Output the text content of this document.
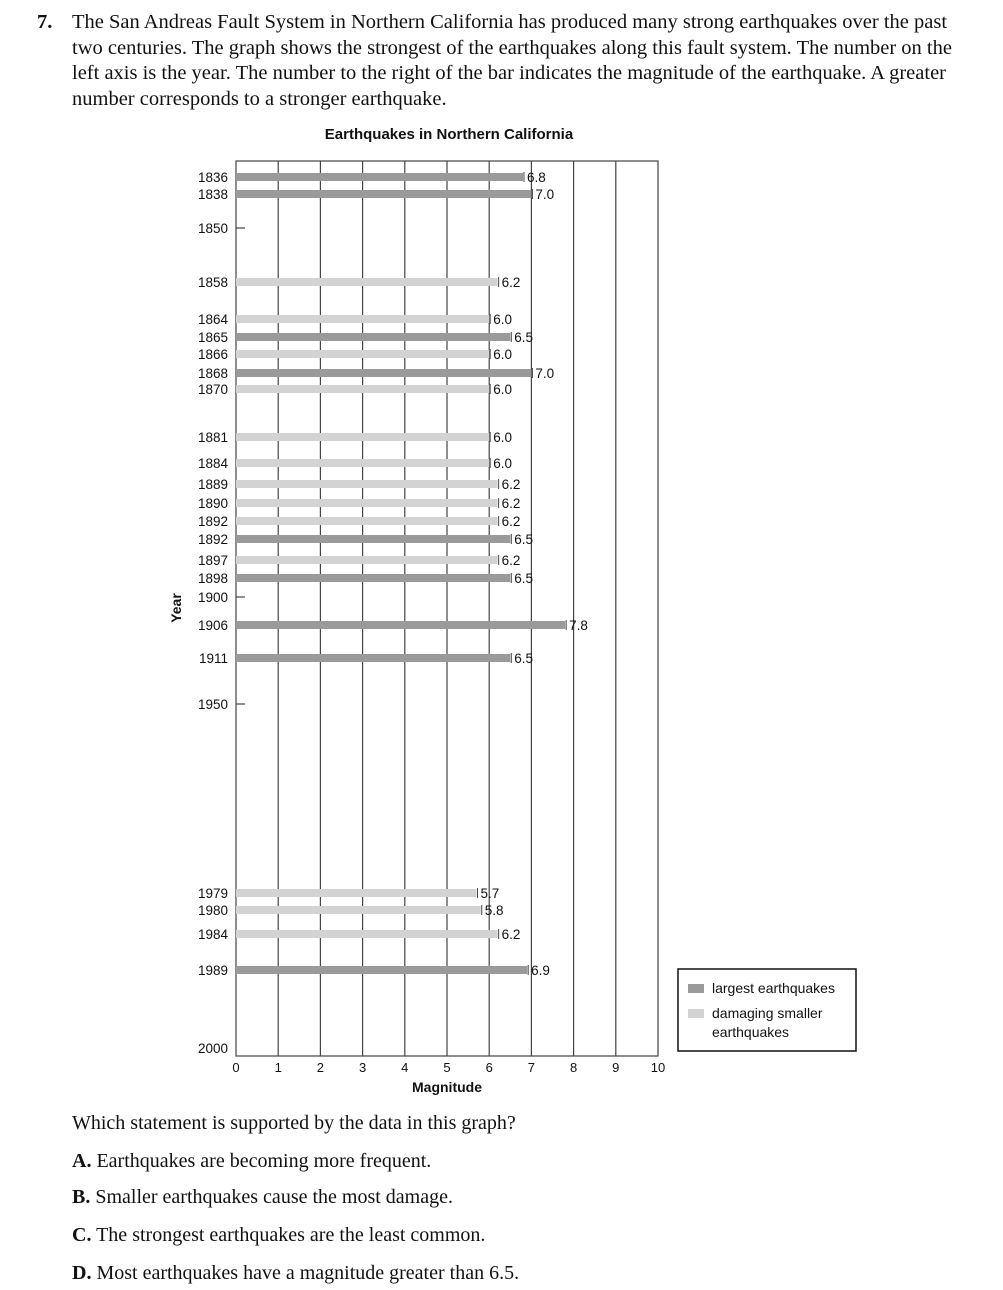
7. The San Andreas Fault System in Northern California has produced many strong earthquakes over the past two centuries. The graph shows the strongest of the earthquakes along this fault system. The number on the left axis is the year. The number to the right of the bar indicates the magnitude of the earthquake. A greater number corresponds to a stronger earthquake.
Earthquakes in Northern California
0	1	2	3	4	5	6	7	8	9 10
Magnitude
Year
1850
1900
1950
2000
6.8
1836
7.0
1838
6.2
1858
6.0
1864
6.5
1865
6.0
1866
7.0
1868
6.0
1870
6.0
1881
6.0
1884
6.2
1889
6.2
1890
6.2
1892
6.5
1892
6.2
1897
6.5
1898
7.8
1906
6.5
1911
5.7
1979
5.8
1980
6.2
1984
6.9
1989
largest earthquakes
damaging smaller earthquakes
Which statement is supported by the data in this graph?
A. Earthquakes are becoming more frequent.
B. Smaller earthquakes cause the most damage.
C. The strongest earthquakes are the least common.
D. Most earthquakes have a magnitude greater than 6.5.
